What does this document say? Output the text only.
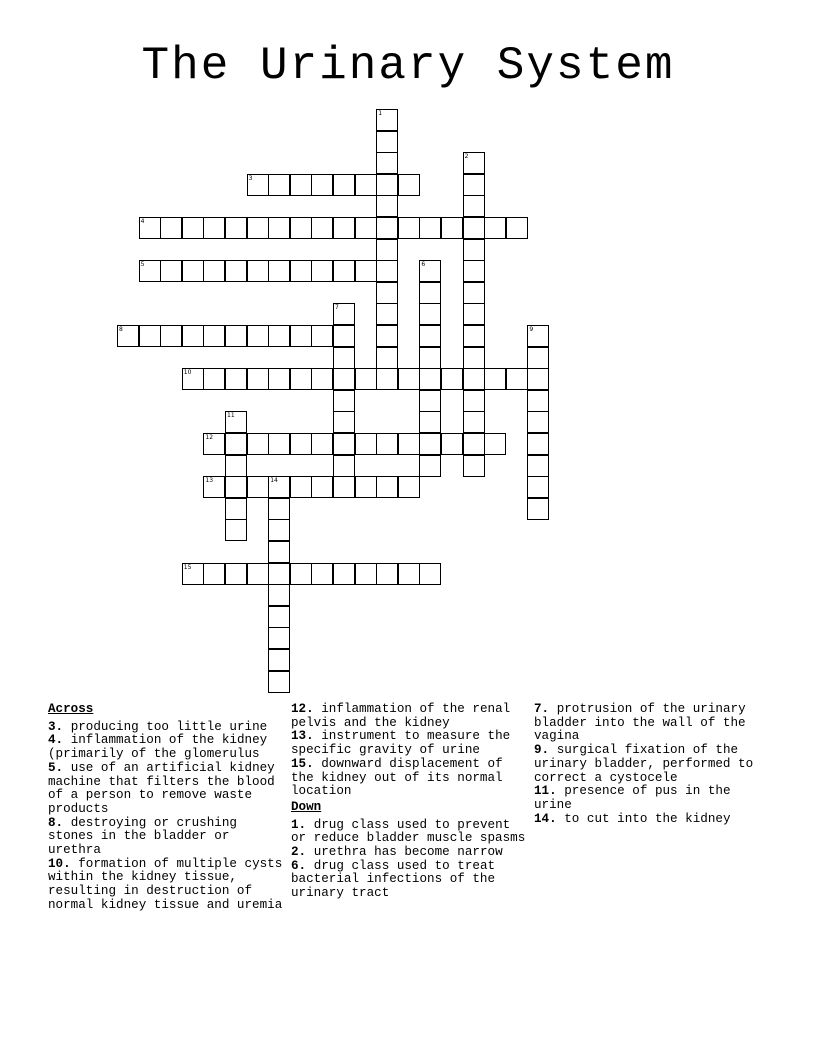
The Urinary System
1
2
3
4
5	6
7
8	9
10
11
12
13	14
15
Across

3. producing too little urine

4. inflammation of the kidney (primarily of the glomerulus

5. use of an artificial kidney machine that filters the blood of a person to remove waste products

8. destroying or crushing stones in the bladder or urethra

10. formation of multiple cysts within the kidney tissue, resulting in destruction of normal kidney tissue and uremia

12. inflammation of the renal pelvis and the kidney

13. instrument to measure the specific gravity of urine

15. downward displacement of the kidney out of its normal location

Down

1. drug class used to prevent or reduce bladder muscle spasms

2. urethra has become narrow

6. drug class used to treat bacterial infections of the urinary tract

7. protrusion of the urinary bladder into the wall of the vagina

9. surgical fixation of the urinary bladder, performed to correct a cystocele

11. presence of pus in the urine

14. to cut into the kidney
